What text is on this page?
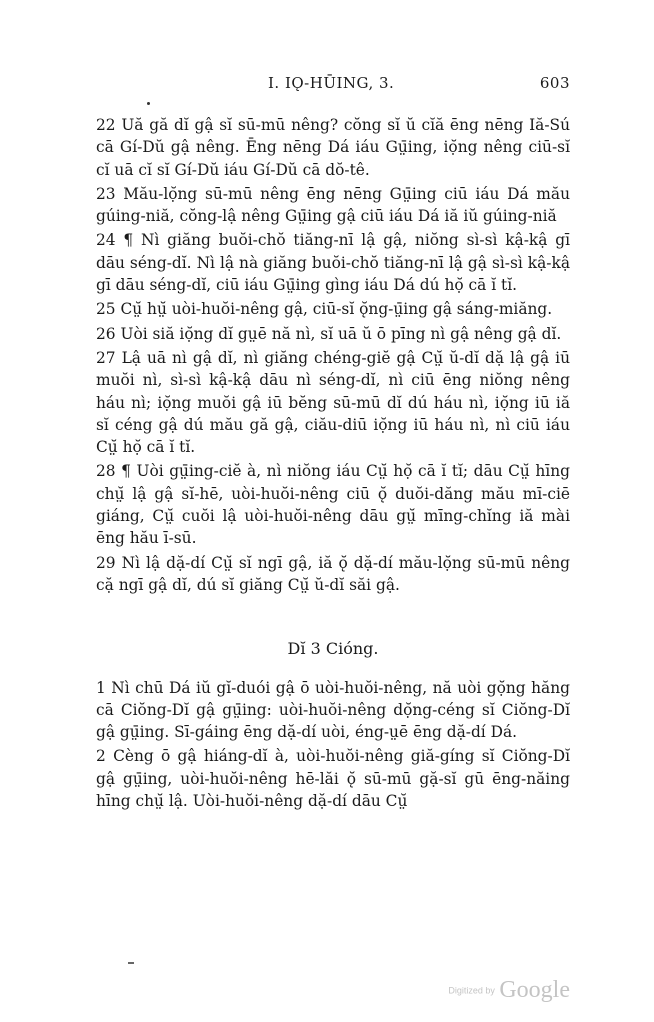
I. IǪ-HŪING, 3.	603

22 Uă gă dĭ gậ sĭ sū-mū nêng? cŏng sĭ ŭ cĭă ēng nēng Iă-Sú cā Gí-Dŭ gậ nêng. Ēng nēng Dá iáu Gṳ̄ing, iọ̆ng nêng ciū-sĭ cĭ uā cĭ sĭ Gí-Dŭ iáu Gí-Dŭ cā dŏ-tê.

23 Mău-lọ̆ng sū-mū nêng ēng nēng Gṳ̄ing ciū iáu Dá mău gúing-niă, cŏng-lậ nêng Gṳ̄ing gậ ciū iáu Dá iă iŭ gúing-niă

24 ¶ Nì giăng buŏi-chŏ tiăng-nī lậ gậ, niŏng sì-sì kậ-kậ gī dāu séng-dĭ. Nì lậ nà giăng buŏi-chŏ tiăng-nī lậ gậ sì-sì kậ-kậ gī dāu séng-dĭ, ciū iáu Gṳ̄ing gìng iáu Dá dú họ̆ cā ĭ tĭ.

25 Cṳ̆ hṳ̆ uòi-huŏi-nêng gậ, ciū-sĭ ǫ̆ng-ṳ̄ing gậ sáng-miăng.

26 Uòi siă iọ̆ng dĭ gṳē nă nì, sĭ uā ŭ ō pīng nì gậ nêng gậ dĭ.

27 Lậ uā nì gậ dĭ, nì giăng chéng-giĕ gậ Cṳ̆ ŭ-dĭ dặ lậ gậ iū muŏi nì, sì-sì kậ-kậ dāu nì séng-dĭ, nì ciū ēng niŏng nêng háu nì; iọ̆ng muŏi gậ iū bĕng sū-mū dĭ dú háu nì, iọ̆ng iū iă sĭ céng gậ dú mău gă gậ, ciău-diū iọ̆ng iū háu nì, nì ciū iáu Cṳ̆ họ̆ cā ĭ tĭ.

28 ¶ Uòi gṳ̄ing-ciĕ à, nì niŏng iáu Cṳ̆ họ̆ cā ĭ tĭ; dāu Cṳ̆ hīng chṳ̆ lậ gậ sĭ-hē, uòi-huŏi-nêng ciū ǫ̆ duŏi-dăng mău mī-ciē giáng, Cṳ̆ cuŏi lậ uòi-huŏi-nêng dāu gṳ̆ mīng-chĭng iă mài ēng hău ī-sū.

29 Nì lậ dặ-dí Cṳ̆ sĭ ngī gậ, iă ǫ̆ dặ-dí mău-lọ̆ng sū-mū nêng cặ ngī gậ dĭ, dú sĭ giăng Cṳ̆ ŭ-dĭ săi gậ.

Dĭ 3 Cióng.

1 Nì chū Dá iŭ gĭ-duói gậ ō uòi-huŏi-nêng, nă uòi gọ̆ng hăng cā Ciŏng-Dĭ gậ gṳ̄ing: uòi-huŏi-nêng dọ̆ng-céng sĭ Ciŏng-Dĭ gậ gṳ̄ing. Sī-gáing ēng dặ-dí uòi, éng-ṳē ēng dặ-dí Dá.

2 Cèng ō gậ hiáng-dĭ à, uòi-huŏi-nêng giă-gíng sĭ Ciŏng-Dĭ gậ gṳ̄ing, uòi-huŏi-nêng hē-lăi ǫ̆ sū-mū gặ-sĭ gū ēng-năing hīng chṳ̆ lậ. Uòi-huŏi-nêng dặ-dí dāu Cṳ̆

Digitized by Google
